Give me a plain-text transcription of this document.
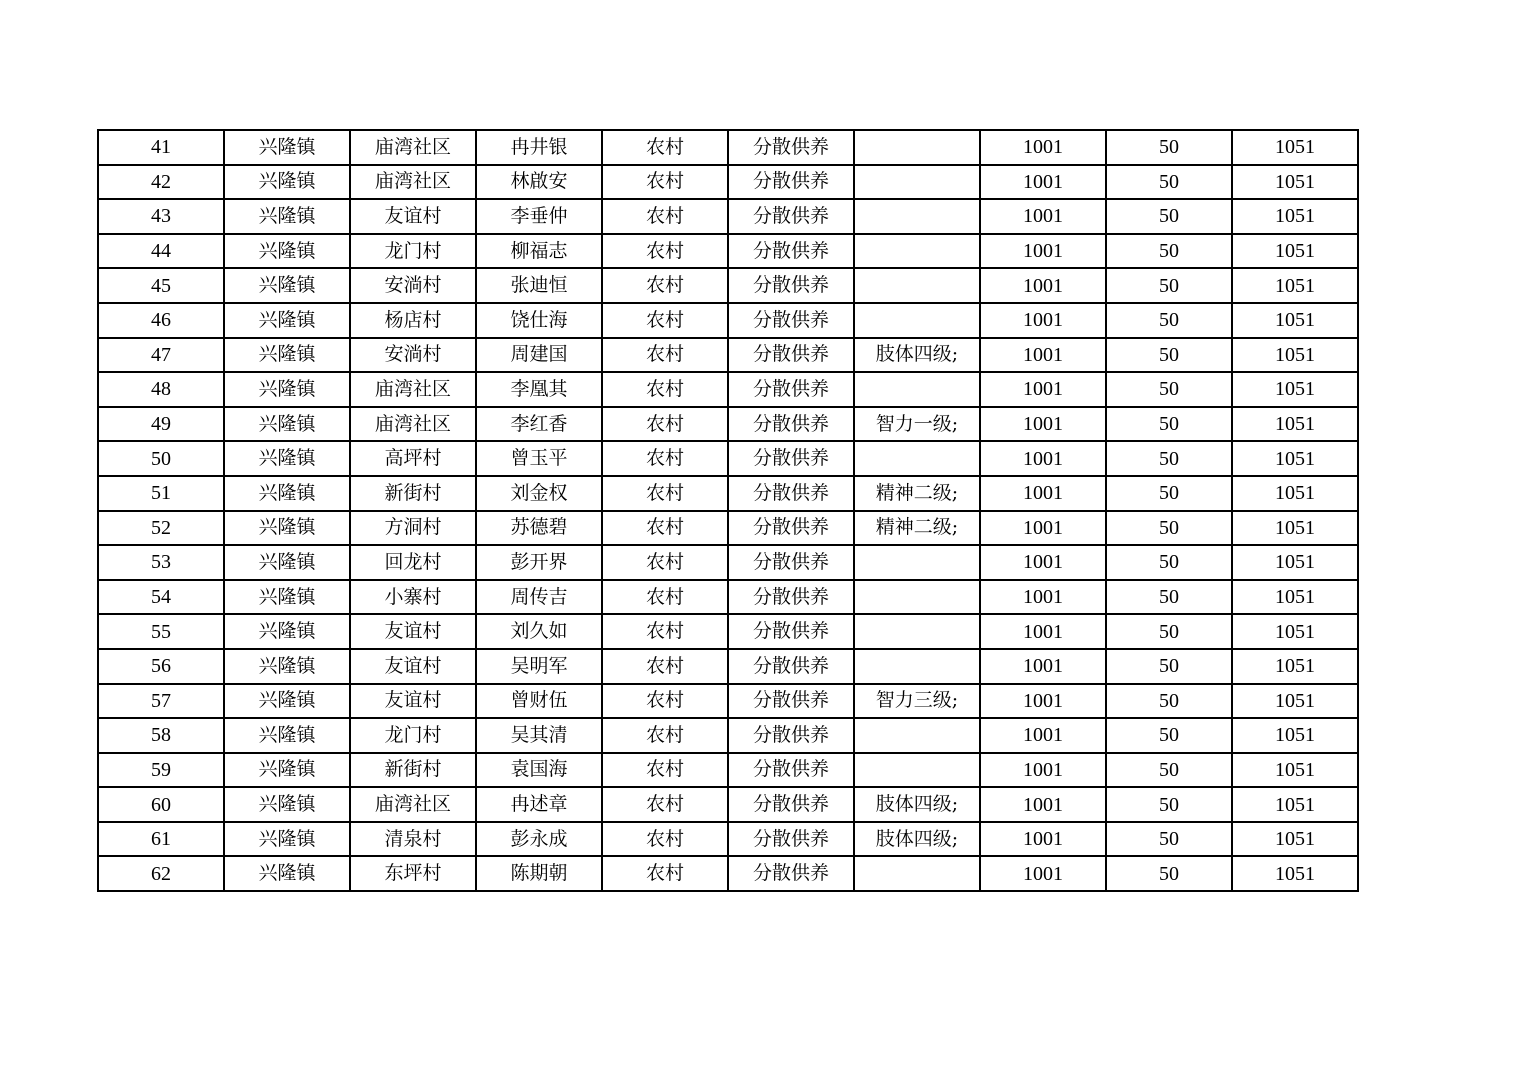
41	兴隆镇	庙湾社区	冉井银	农村	分散供养		1001	50	1051
42	兴隆镇	庙湾社区	林啟安	农村	分散供养		1001	50	1051
43	兴隆镇	友谊村	李垂仲	农村	分散供养		1001	50	1051
44	兴隆镇	龙门村	柳福志	农村	分散供养		1001	50	1051
45	兴隆镇	安淌村	张迪恒	农村	分散供养		1001	50	1051
46	兴隆镇	杨店村	饶仕海	农村	分散供养		1001	50	1051
47	兴隆镇	安淌村	周建国	农村	分散供养	肢体四级;	1001	50	1051
48	兴隆镇	庙湾社区	李凰其	农村	分散供养		1001	50	1051
49	兴隆镇	庙湾社区	李红香	农村	分散供养	智力一级;	1001	50	1051
50	兴隆镇	高坪村	曾玉平	农村	分散供养		1001	50	1051
51	兴隆镇	新街村	刘金权	农村	分散供养	精神二级;	1001	50	1051
52	兴隆镇	方洞村	苏德碧	农村	分散供养	精神二级;	1001	50	1051
53	兴隆镇	回龙村	彭开界	农村	分散供养		1001	50	1051
54	兴隆镇	小寨村	周传吉	农村	分散供养		1001	50	1051
55	兴隆镇	友谊村	刘久如	农村	分散供养		1001	50	1051
56	兴隆镇	友谊村	吴明军	农村	分散供养		1001	50	1051
57	兴隆镇	友谊村	曾财伍	农村	分散供养	智力三级;	1001	50	1051
58	兴隆镇	龙门村	吴其清	农村	分散供养		1001	50	1051
59	兴隆镇	新街村	袁国海	农村	分散供养		1001	50	1051
60	兴隆镇	庙湾社区	冉述章	农村	分散供养	肢体四级;	1001	50	1051
61	兴隆镇	清泉村	彭永成	农村	分散供养	肢体四级;	1001	50	1051
62	兴隆镇	东坪村	陈期朝	农村	分散供养		1001	50	1051
